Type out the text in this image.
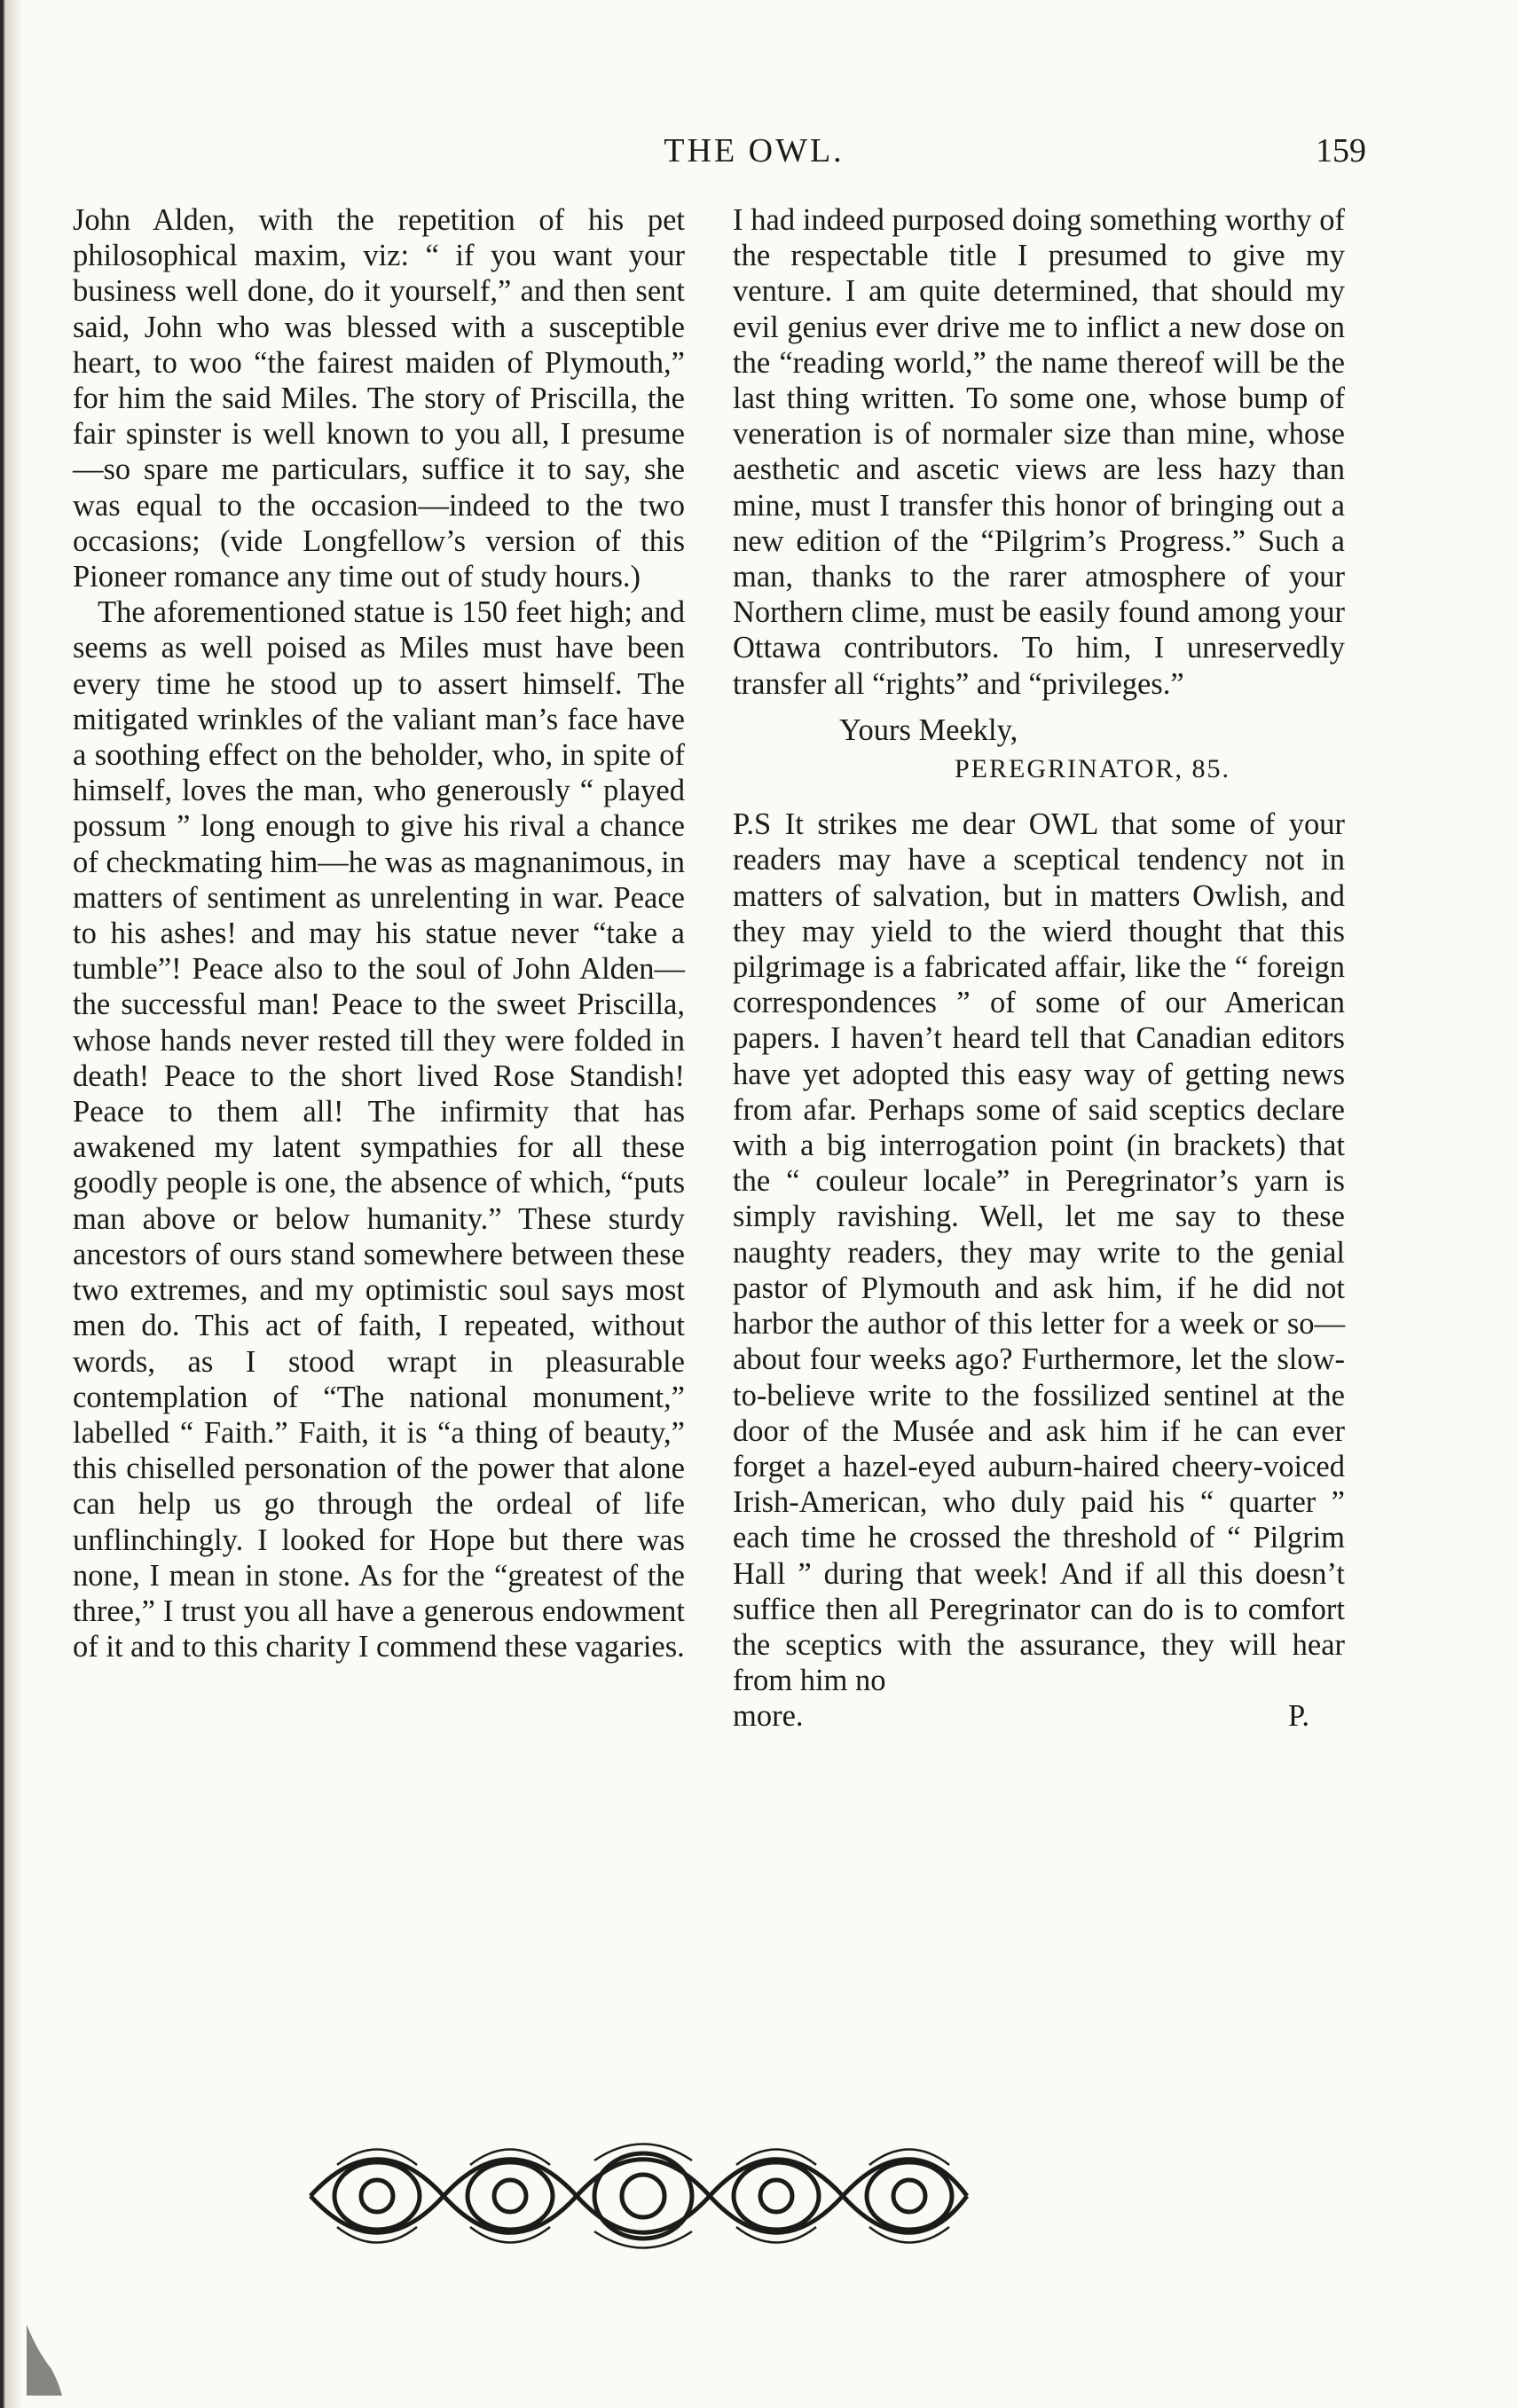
THE OWL.	159

John Alden, with the repetition of his pet philosophical maxim, viz: “ if you want your business well done, do it yourself,” and then sent said, John who was blessed with a susceptible heart, to woo “the fairest maiden of Plymouth,” for him the said Miles. The story of Priscilla, the fair spinster is well known to you all, I presume—so spare me particulars, suffice it to say, she was equal to the occasion—indeed to the two occasions; (vide Longfellow’s version of this Pioneer romance any time out of study hours.)

The aforementioned statue is 150 feet high; and seems as well poised as Miles must have been every time he stood up to assert himself. The mitigated wrinkles of the valiant man’s face have a soothing effect on the beholder, who, in spite of himself, loves the man, who generously “ played possum ” long enough to give his rival a chance of checkmating him—he was as magnanimous, in matters of sentiment as unrelenting in war. Peace to his ashes! and may his statue never “take a tumble”! Peace also to the soul of John Alden—the successful man! Peace to the sweet Priscilla, whose hands never rested till they were folded in death! Peace to the short lived Rose Standish! Peace to them all! The infirmity that has awakened my latent sympathies for all these goodly people is one, the absence of which, “puts man above or below humanity.” These sturdy ancestors of ours stand somewhere between these two extremes, and my optimistic soul says most men do. This act of faith, I repeated, without words, as I stood wrapt in pleasurable contemplation of “The national monument,” labelled “ Faith.” Faith, it is “a thing of beauty,” this chiselled personation of the power that alone can help us go through the ordeal of life unflinchingly. I looked for Hope but there was none, I mean in stone. As for the “greatest of the three,” I trust you all have a generous endowment of it and to this charity I commend these vagaries.

I had indeed purposed doing something worthy of the respectable title I presumed to give my venture. I am quite determined, that should my evil genius ever drive me to inflict a new dose on the “reading world,” the name thereof will be the last thing written. To some one, whose bump of veneration is of normaler size than mine, whose aesthetic and ascetic views are less hazy than mine, must I transfer this honor of bringing out a new edition of the “Pilgrim’s Progress.” Such a man, thanks to the rarer atmosphere of your Northern clime, must be easily found among your Ottawa contributors. To him, I unreservedly transfer all “rights” and “privileges.”

Yours Meekly,
PEREGRINATOR, 85.

P.S It strikes me dear OWL that some of your readers may have a sceptical tendency not in matters of salvation, but in matters Owlish, and they may yield to the wierd thought that this pilgrimage is a fabricated affair, like the “ foreign correspondences ” of some of our American papers. I haven’t heard tell that Canadian editors have yet adopted this easy way of getting news from afar. Perhaps some of said sceptics declare with a big interrogation point (in brackets) that the “ couleur locale” in Peregrinator’s yarn is simply ravishing. Well, let me say to these naughty readers, they may write to the genial pastor of Plymouth and ask him, if he did not harbor the author of this letter for a week or so—about four weeks ago? Furthermore, let the slow-to-believe write to the fossilized sentinel at the door of the Musée and ask him if he can ever forget a hazel-eyed auburn-haired cheery-voiced Irish-American, who duly paid his “ quarter ” each time he crossed the threshold of “ Pilgrim Hall ” during that week! And if all this doesn’t suffice then all Peregrinator can do is to comfort the sceptics with the assurance, they will hear from him no

more.	P.
